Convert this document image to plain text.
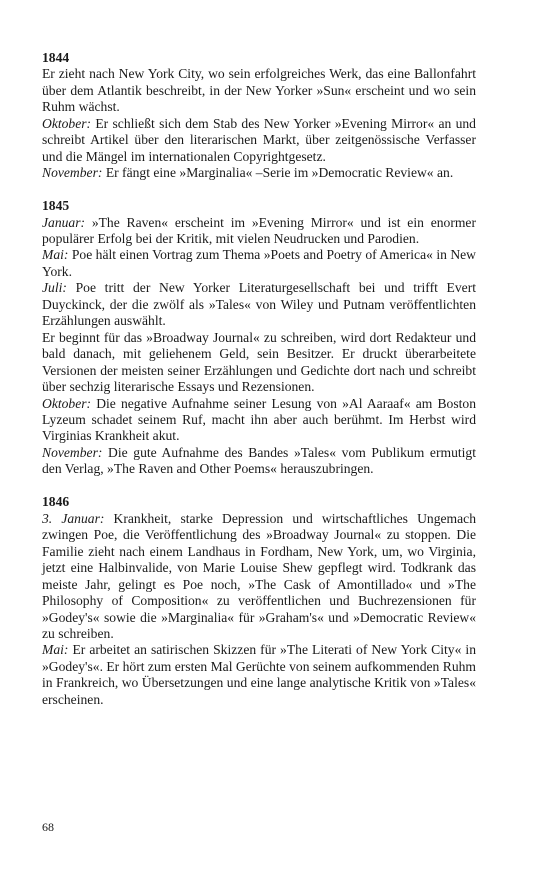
1844
Er zieht nach New York City, wo sein erfolgreiches Werk, das eine Ballonfahrt über dem Atlantik beschreibt, in der New Yorker »Sun« erscheint und wo sein Ruhm wächst.
Oktober: Er schließt sich dem Stab des New Yorker »Evening Mirror« an und schreibt Artikel über den literarischen Markt, über zeitgenössische Verfasser und die Mängel im internationalen Copyrightgesetz.
November: Er fängt eine »Marginalia« –Serie im »Democratic Review« an.
1845
Januar: »The Raven« erscheint im »Evening Mirror« und ist ein enormer populärer Erfolg bei der Kritik, mit vielen Neudrucken und Parodien.
Mai: Poe hält einen Vortrag zum Thema »Poets and Poetry of America« in New York.
Juli: Poe tritt der New Yorker Literaturgesellschaft bei und trifft Evert Duyckinck, der die zwölf als »Tales« von Wiley und Putnam veröffentlichten Erzählungen auswählt.
Er beginnt für das »Broadway Journal« zu schreiben, wird dort Redakteur und bald danach, mit geliehenem Geld, sein Besitzer. Er druckt überarbeitete Versionen der meisten seiner Erzählungen und Gedichte dort nach und schreibt über sechzig literarische Essays und Rezensionen.
Oktober: Die negative Aufnahme seiner Lesung von »Al Aaraaf« am Boston Lyzeum schadet seinem Ruf, macht ihn aber auch berühmt. Im Herbst wird Virginias Krankheit akut.
November: Die gute Aufnahme des Bandes »Tales« vom Publikum ermutigt den Verlag, »The Raven and Other Poems« herauszubringen.
1846
3. Januar: Krankheit, starke Depression und wirtschaftliches Ungemach zwingen Poe, die Veröffentlichung des »Broadway Journal« zu stoppen. Die Familie zieht nach einem Landhaus in Fordham, New York, um, wo Virginia, jetzt eine Halbinvalide, von Marie Louise Shew gepflegt wird. Todkrank das meiste Jahr, gelingt es Poe noch, »The Cask of Amontillado« und »The Philosophy of Composition« zu veröffentlichen und Buchrezensionen für »Godey's« sowie die »Marginalia« für »Graham's« und »Democratic Review« zu schreiben.
Mai: Er arbeitet an satirischen Skizzen für »The Literati of New York City« in »Godey's«. Er hört zum ersten Mal Gerüchte von seinem aufkommenden Ruhm in Frankreich, wo Übersetzungen und eine lange analytische Kritik von »Tales« erscheinen.
68
